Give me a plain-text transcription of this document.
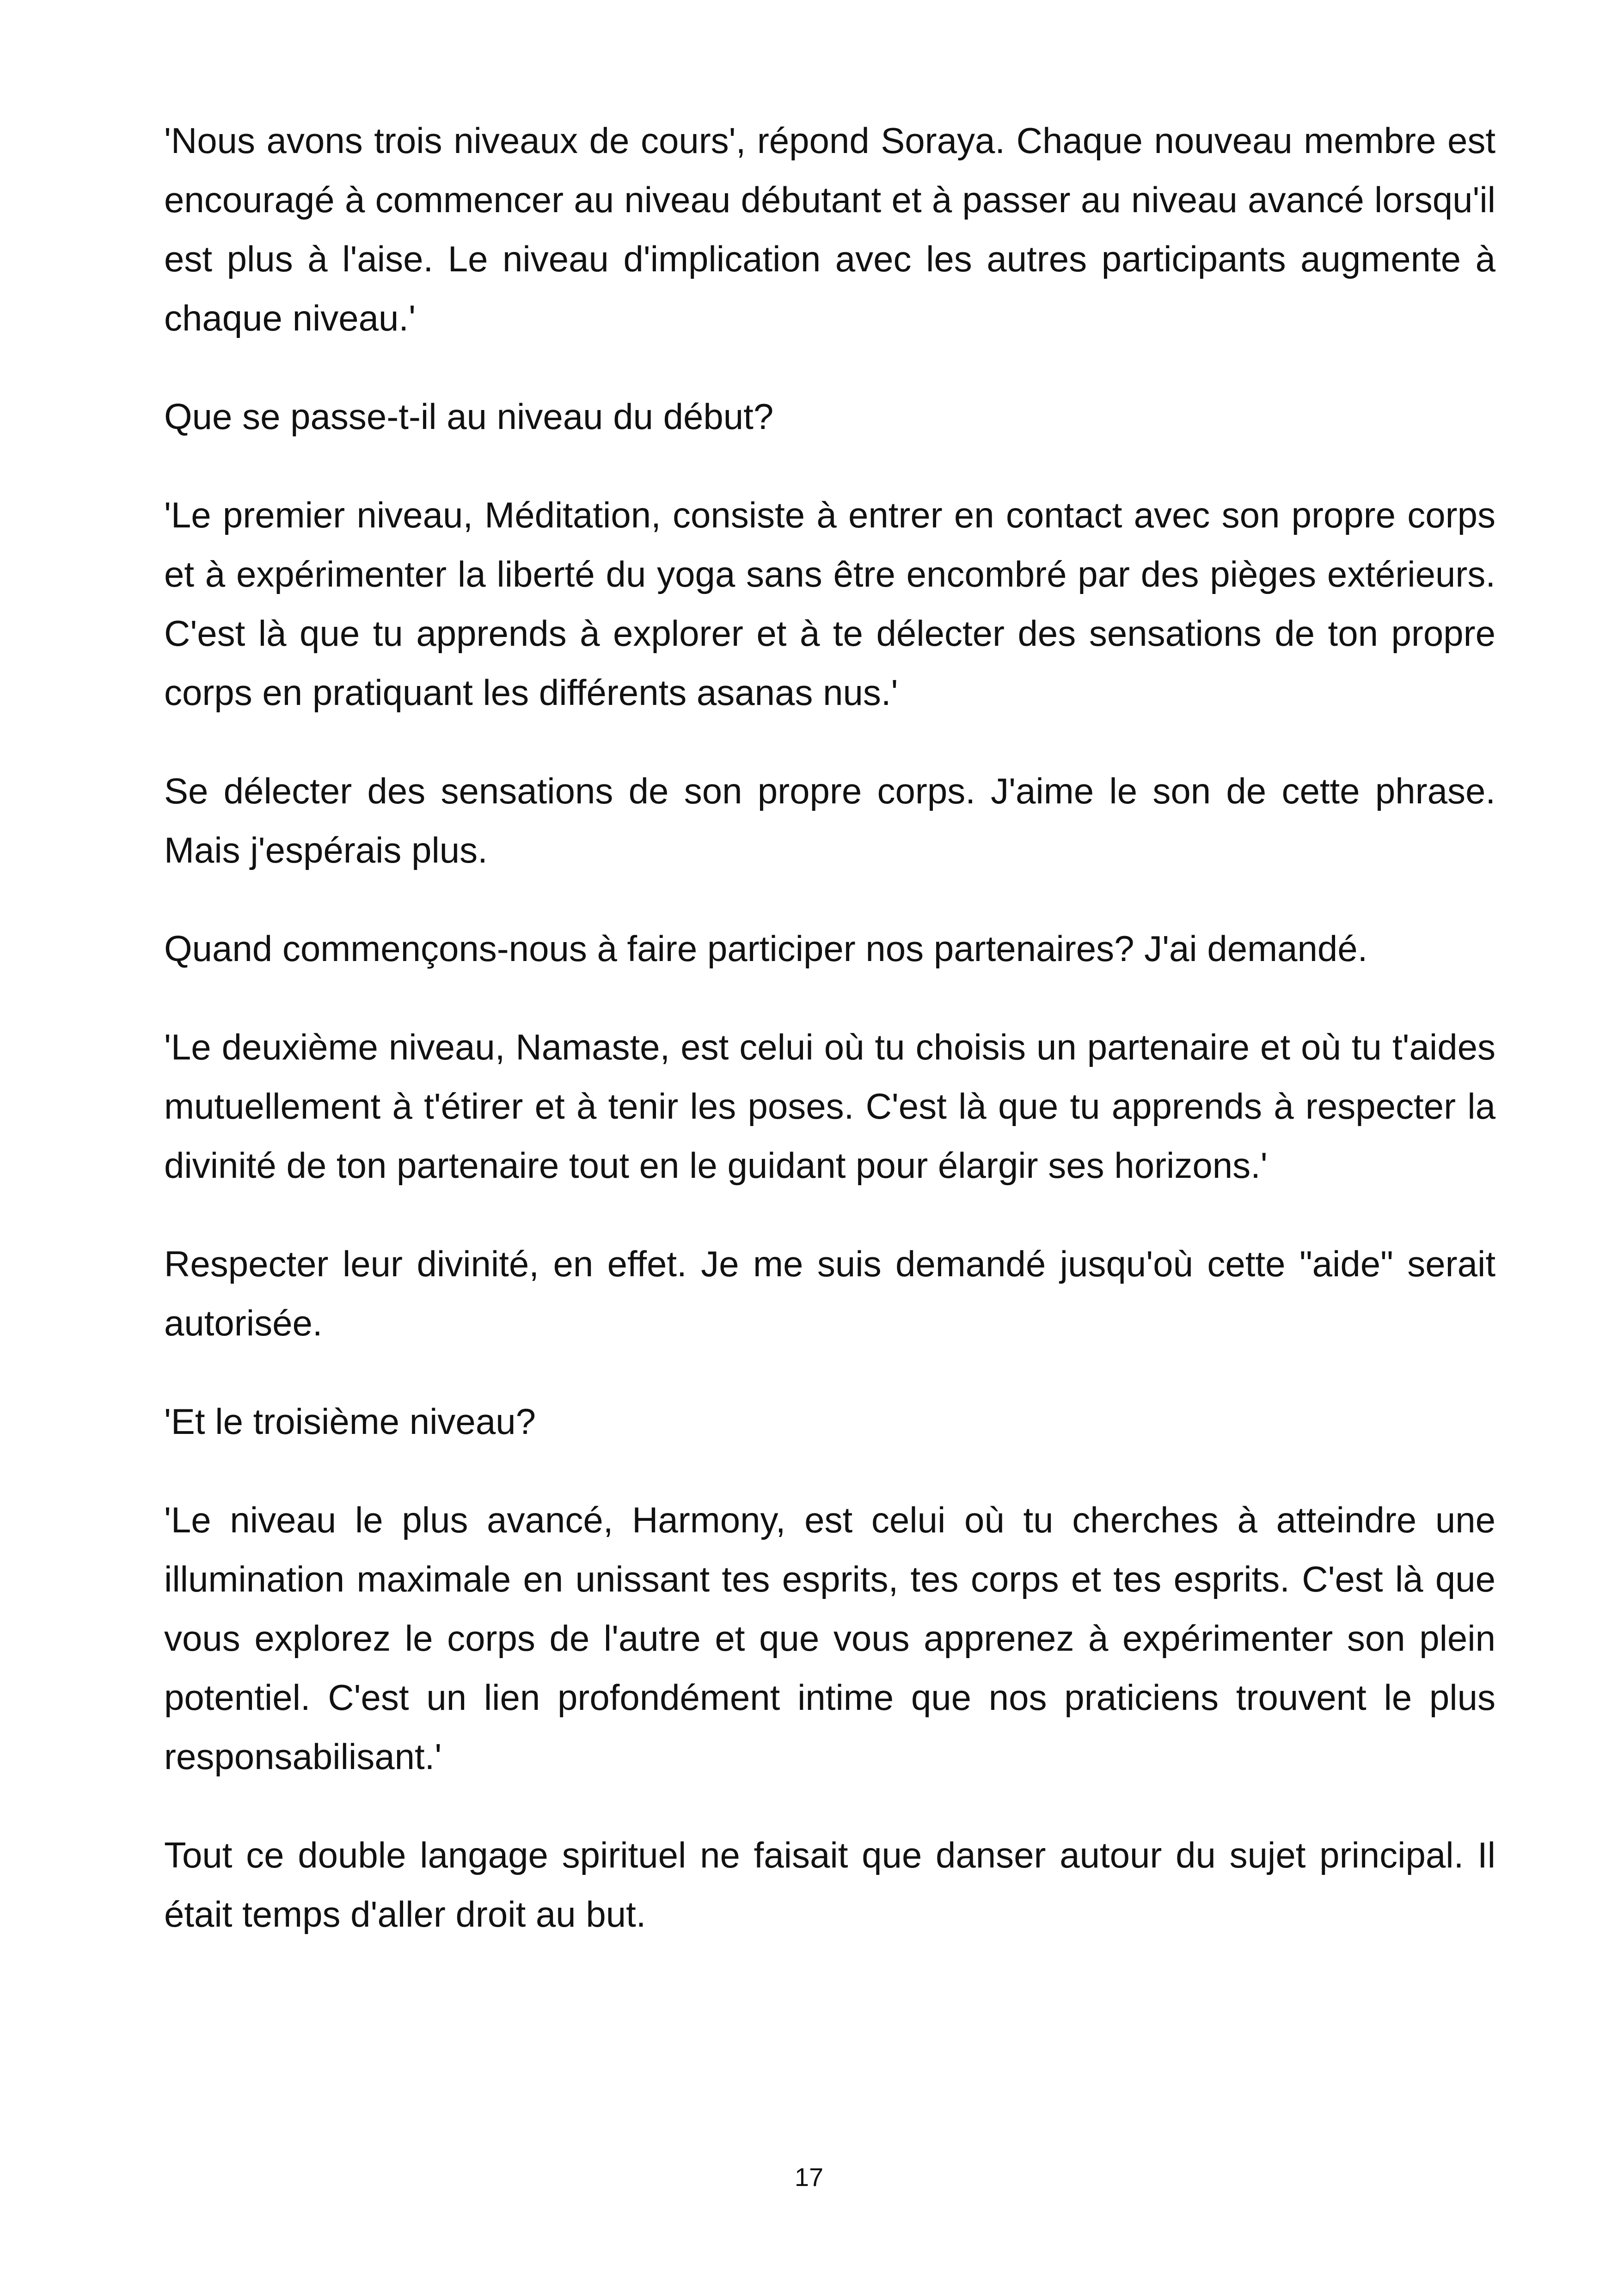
'Nous avons trois niveaux de cours', répond Soraya. Chaque nouveau membre est encouragé à commencer au niveau débutant et à passer au niveau avancé lorsqu'il est plus à l'aise. Le niveau d'implication avec les autres participants augmente à chaque niveau.'

Que se passe-t-il au niveau du début?

'Le premier niveau, Méditation, consiste à entrer en contact avec son propre corps et à expérimenter la liberté du yoga sans être encombré par des pièges extérieurs. C'est là que tu apprends à explorer et à te délecter des sensations de ton propre corps en pratiquant les différents asanas nus.'

Se délecter des sensations de son propre corps. J'aime le son de cette phrase. Mais j'espérais plus.

Quand commençons-nous à faire participer nos partenaires? J'ai demandé.

'Le deuxième niveau, Namaste, est celui où tu choisis un partenaire et où tu t'aides mutuellement à t'étirer et à tenir les poses. C'est là que tu apprends à respecter la divinité de ton partenaire tout en le guidant pour élargir ses horizons.'

Respecter leur divinité, en effet. Je me suis demandé jusqu'où cette "aide" serait autorisée.

'Et le troisième niveau?

'Le niveau le plus avancé, Harmony, est celui où tu cherches à atteindre une illumination maximale en unissant tes esprits, tes corps et tes esprits. C'est là que vous explorez le corps de l'autre et que vous apprenez à expérimenter son plein potentiel. C'est un lien profondément intime que nos praticiens trouvent le plus responsabilisant.'

Tout ce double langage spirituel ne faisait que danser autour du sujet principal. Il était temps d'aller droit au but.

17
